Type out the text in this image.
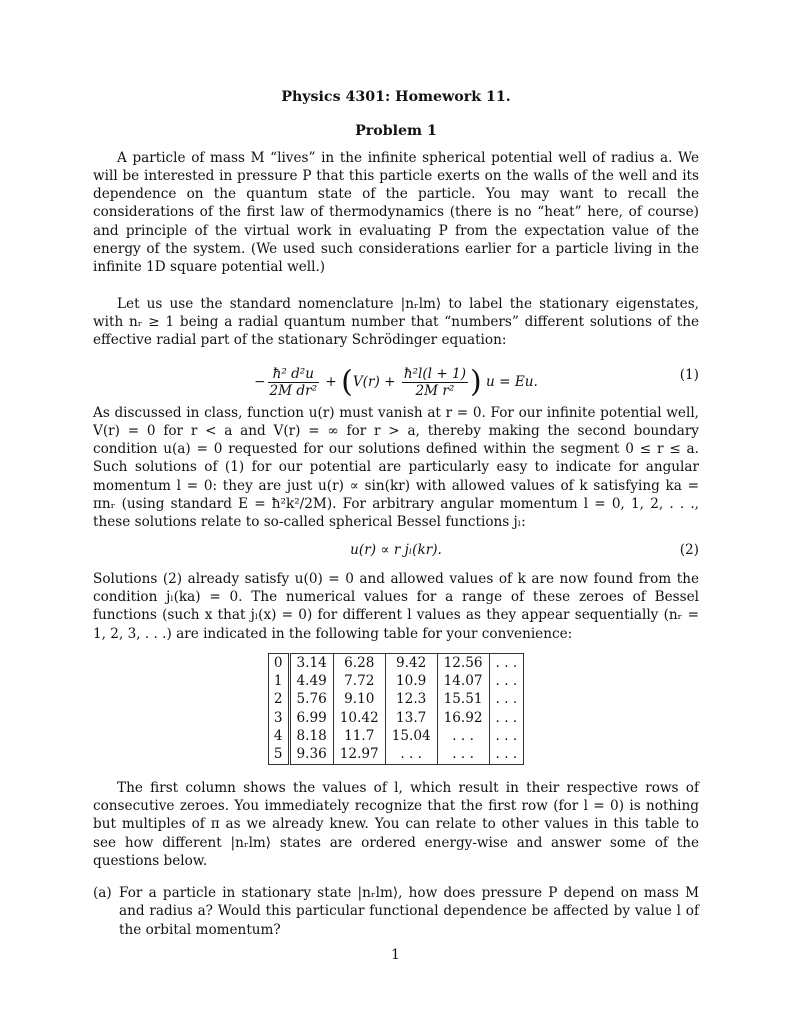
Physics 4301: Homework 11.
Problem 1

A particle of mass M “lives” in the infinite spherical potential well of radius a. We will be interested in pressure P that this particle exerts on the walls of the well and its dependence on the quantum state of the particle. You may want to recall the considerations of the first law of thermodynamics (there is no “heat” here, of course) and principle of the virtual work in evaluating P from the expectation value of the energy of the system. (We used such considerations earlier for a particle living in the infinite 1D square potential well.)

Let us use the standard nomenclature |nᵣlm⟩ to label the stationary eigenstates, with nᵣ ≥ 1 being a radial quantum number that “numbers” different solutions of the effective radial part of the stationary Schrödinger equation:

− $\frac{\text{ħ² d²u}}{\text{2M dr²}} + (V(r) + \frac{\text{ħ²l(l + 1)}}{\text{2M r²}}$ ) u = Eu.	(1)

As discussed in class, function u(r) must vanish at r = 0. For our infinite potential well, V(r) = 0 for r < a and V(r) = ∞ for r > a, thereby making the second boundary condition u(a) = 0 requested for our solutions defined within the segment 0 ≤ r ≤ a. Such solutions of (1) for our potential are particularly easy to indicate for angular momentum l = 0: they are just u(r) ∝ sin(kr) with allowed values of k satisfying ka = πnᵣ (using standard E = ħ²k²/2M). For arbitrary angular momentum l = 0, 1, 2, . . ., these solutions relate to so-called spherical Bessel functions jₗ:

u(r) ∝ r jₗ(kr).	(2)

Solutions (2) already satisfy u(0) = 0 and allowed values of k are now found from the condition jₗ(ka) = 0. The numerical values for a range of these zeroes of Bessel functions (such x that jₗ(x) = 0) for different l values as they appear sequentially (nᵣ = 1, 2, 3, . . .) are indicated in the following table for your convenience:

0	3.14	6.28	9.42	12.56	. . .
1	4.49	7.72	10.9	14.07	. . .
2	5.76	9.10	12.3	15.51	. . .
3	6.99	10.42	13.7	16.92	. . .
4	8.18	11.7	15.04	. . .	. . .
5	9.36	12.97	. . .	. . .	. . .

The first column shows the values of l, which result in their respective rows of consecutive zeroes. You immediately recognize that the first row (for l = 0) is nothing but multiples of π as we already knew. You can relate to other values in this table to see how different |nᵣlm⟩ states are ordered energy-wise and answer some of the questions below.

(a) For a particle in stationary state |nᵣlm⟩, how does pressure P depend on mass M and radius a? Would this particular functional dependence be affected by value l of the orbital momentum?
1
